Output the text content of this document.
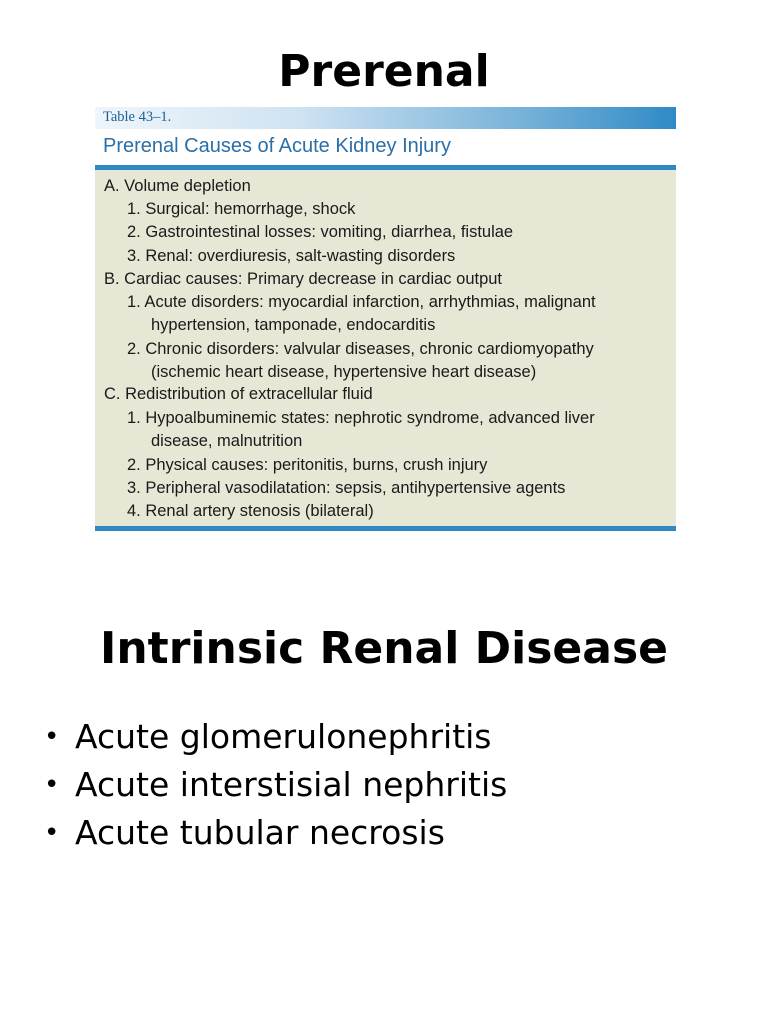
Prerenal
Table 43–1.
Prerenal Causes of Acute Kidney Injury
A. Volume depletion
1. Surgical: hemorrhage, shock
2. Gastrointestinal losses: vomiting, diarrhea, fistulae
3. Renal: overdiuresis, salt-wasting disorders
B. Cardiac causes: Primary decrease in cardiac output
1. Acute disorders: myocardial infarction, arrhythmias, malignant
hypertension, tamponade, endocarditis
2. Chronic disorders: valvular diseases, chronic cardiomyopathy
(ischemic heart disease, hypertensive heart disease)
C. Redistribution of extracellular fluid
1. Hypoalbuminemic states: nephrotic syndrome, advanced liver
disease, malnutrition
2. Physical causes: peritonitis, burns, crush injury
3. Peripheral vasodilatation: sepsis, antihypertensive agents
4. Renal artery stenosis (bilateral)
Intrinsic Renal Disease
• Acute glomerulonephritis
• Acute interstisial nephritis
• Acute tubular necrosis
